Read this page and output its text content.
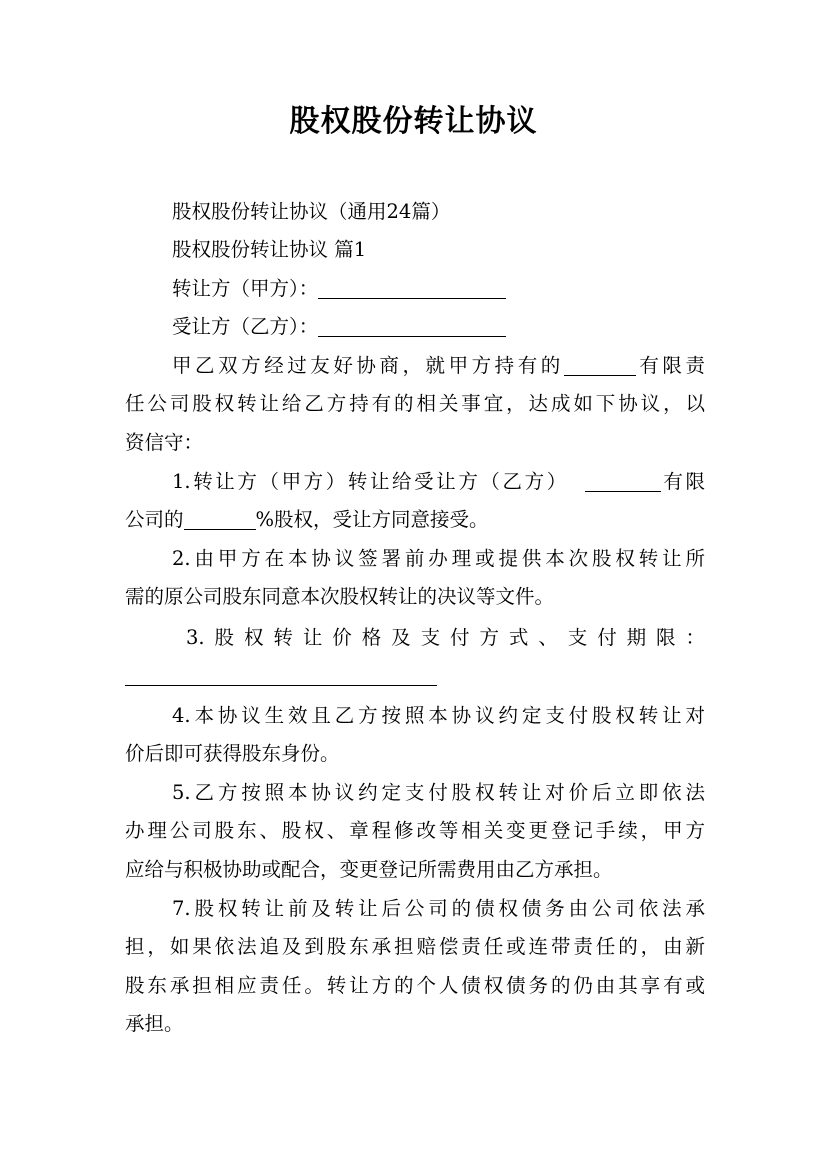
股权股份转让协议
股权股份转让协议（通用24篇）
股权股份转让协议 篇1
转让方（甲方）：
受让方（乙方）：
甲乙双方经过友好协商，就甲方持有的	有限责
任公司股权转让给乙方持有的相关事宜，达成如下协议，以
资信守：
1.转让方（甲方）转让给受让方（乙方）	有限
公司的	%股权，受让方同意接受。
2.由甲方在本协议签署前办理或提供本次股权转让所
需的原公司股东同意本次股权转让的决议等文件。
3.股权转让价格及支付方式、支付期限：
4.本协议生效且乙方按照本协议约定支付股权转让对
价后即可获得股东身份。
5.乙方按照本协议约定支付股权转让对价后立即依法
办理公司股东、股权、章程修改等相关变更登记手续，甲方
应给与积极协助或配合，变更登记所需费用由乙方承担。
7.股权转让前及转让后公司的债权债务由公司依法承
担，如果依法追及到股东承担赔偿责任或连带责任的，由新
股东承担相应责任。转让方的个人债权债务的仍由其享有或
承担。
